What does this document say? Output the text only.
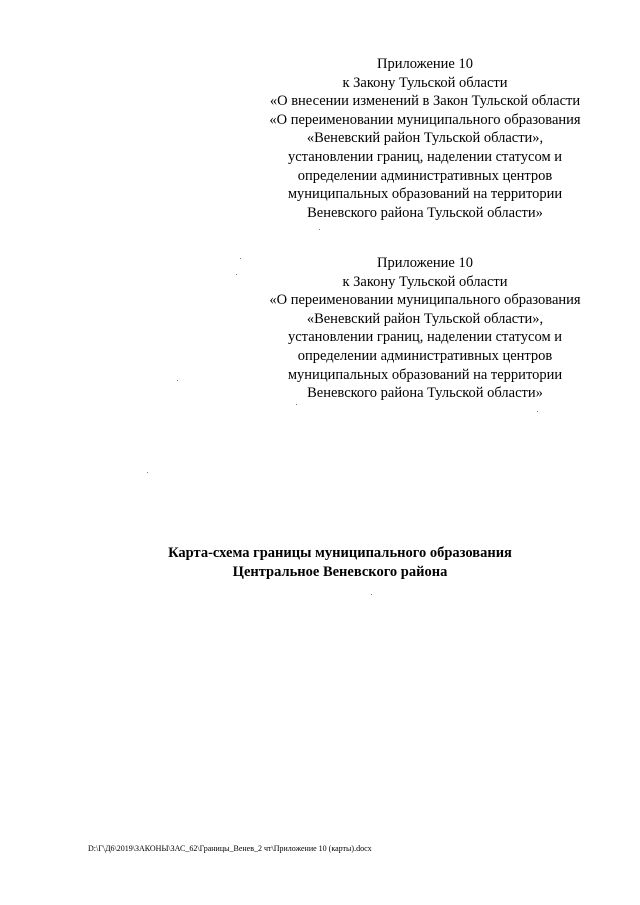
Приложение 10
к Закону Тульской области
«О внесении изменений в Закон Тульской области
«О переименовании муниципального образования
«Веневский район Тульской области»,
установлении границ, наделении статусом и
определении административных центров
муниципальных образований на территории
Веневского района Тульской области»
Приложение 10
к Закону Тульской области
«О переименовании муниципального образования
«Веневский район Тульской области»,
установлении границ, наделении статусом и
определении административных центров
муниципальных образований на территории
Веневского района Тульской области»
Карта-схема границы муниципального образования
Центральное Веневского района
D:\Г\Д6\2019\ЗАКОНЫ\ЗАС_62\Границы_Венев_2 чт\Приложение 10 (карты).docx
